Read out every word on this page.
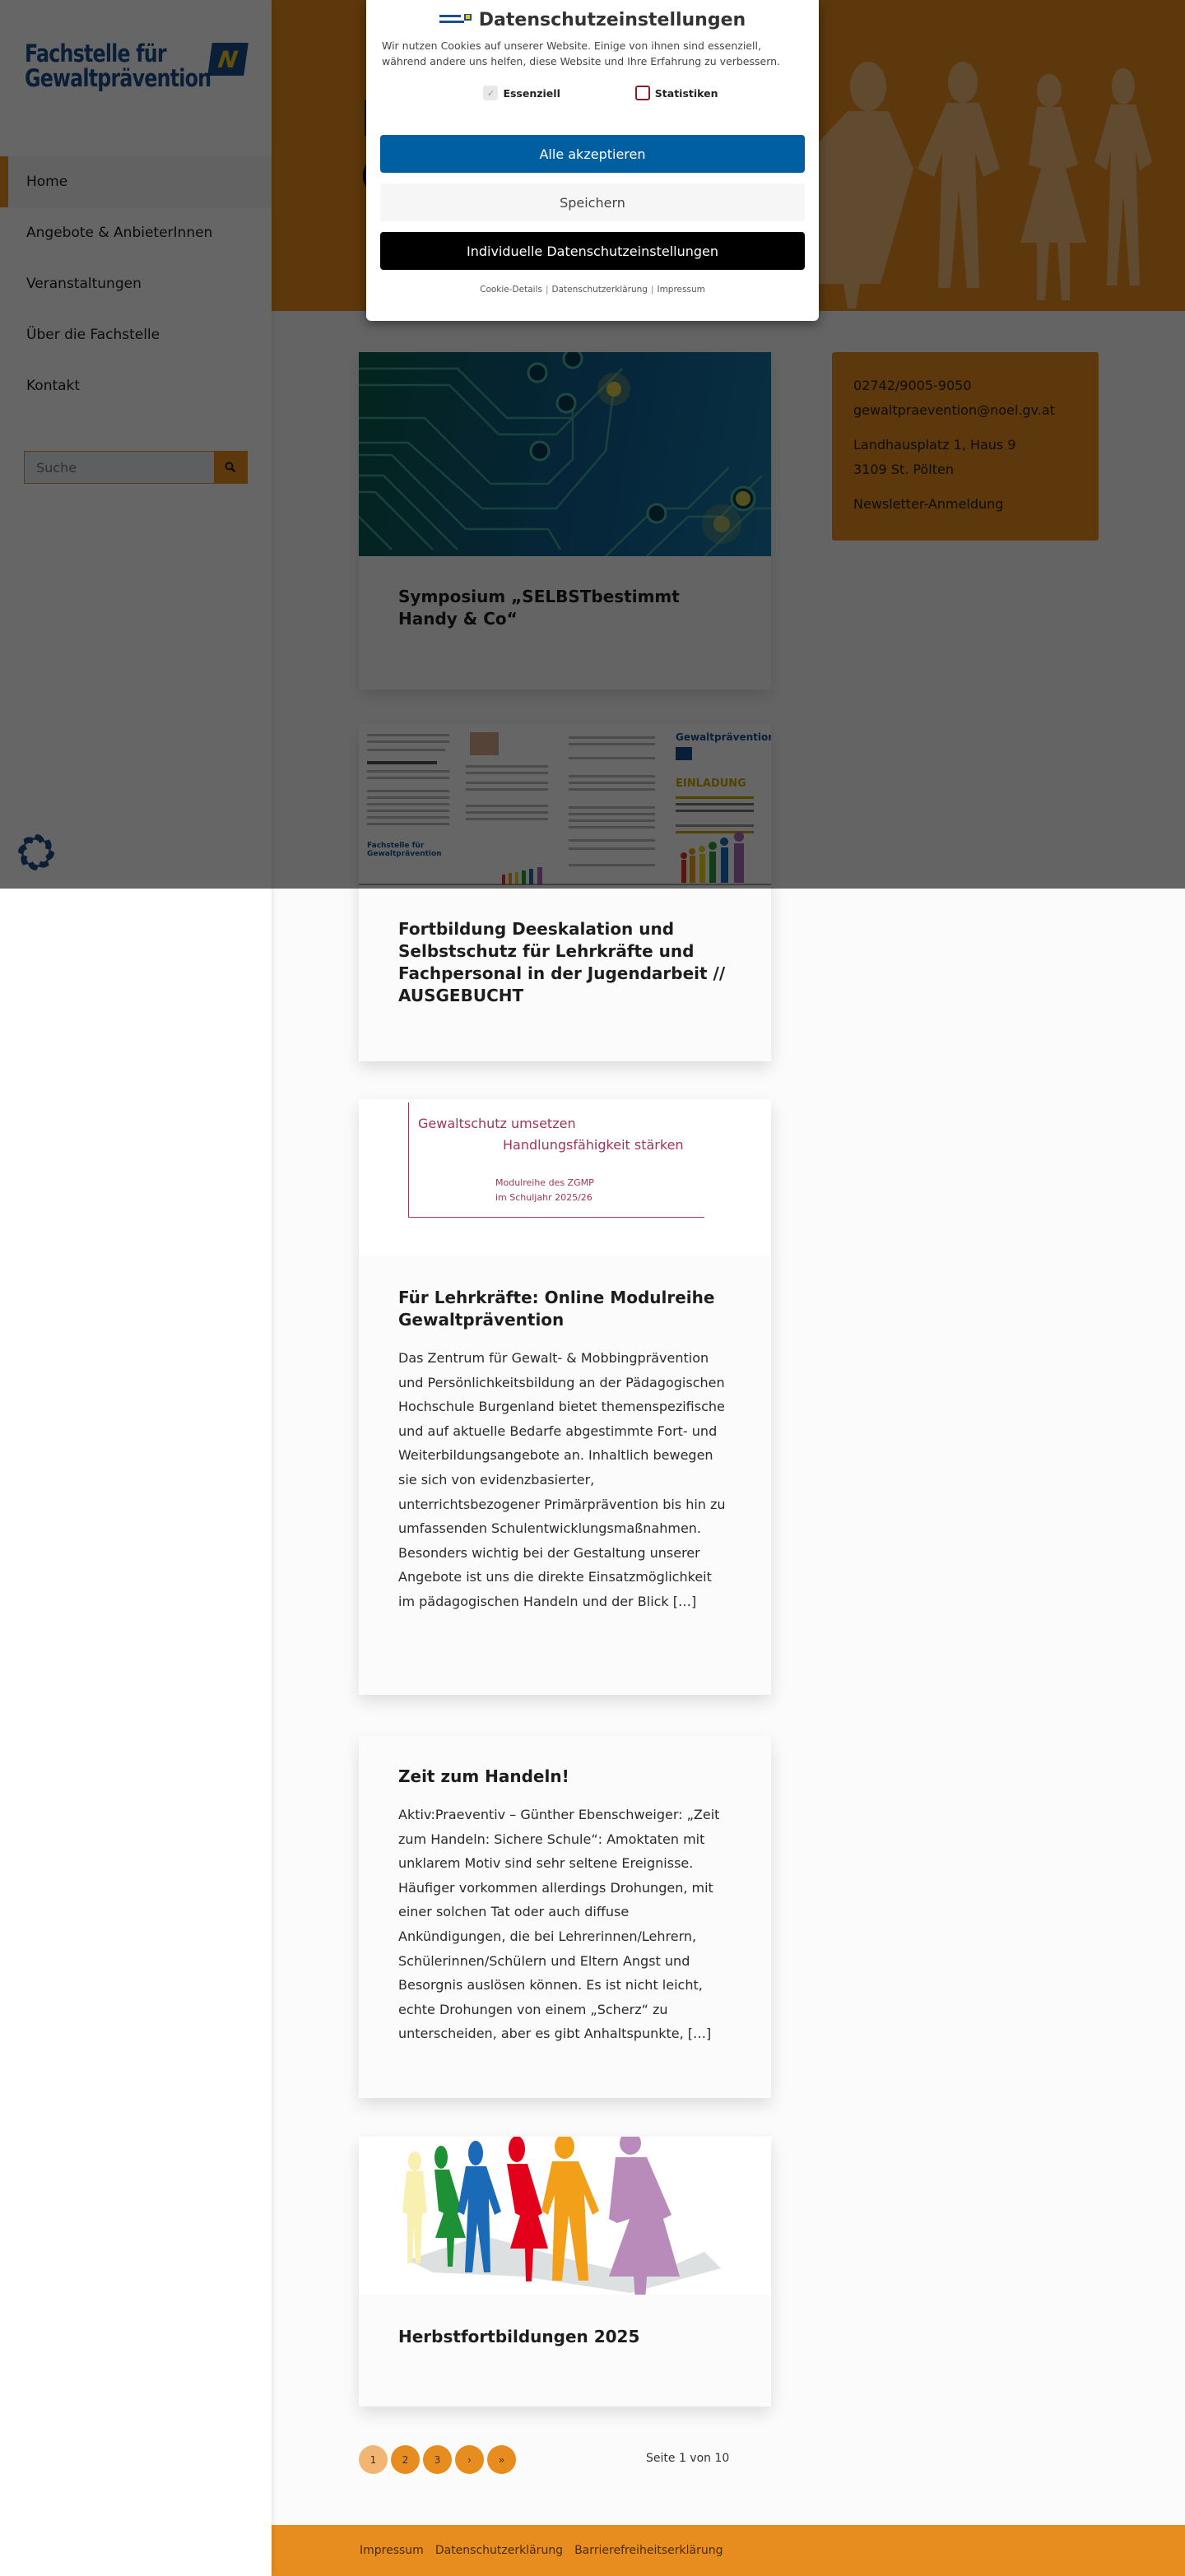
Suche

Fortbildung Deeskalation und Selbstschutz für Lehrkräfte und Fachpersonal in der Jugendarbeit // AUSGEBUCHT
Gewaltschutz umsetzen
Handlungsfähigkeit stärken
Modulreihe des ZGMP
im Schuljahr 2025/26
Für Lehrkräfte: Online Modulreihe Gewaltprävention

Das Zentrum für Gewalt- & Mobbingprävention und Persönlichkeitsbildung an der Pädagogischen Hochschule Burgenland bietet themenspezifische und auf aktuelle Bedarfe abgestimmte Fort- und Weiterbildungsangebote an. Inhaltlich bewegen sie sich von evidenzbasierter, unterrichtsbezogener Primärprävention bis hin zu umfassenden Schulentwicklungsmaßnahmen. Besonders wichtig bei der Gestaltung unserer Angebote ist uns die direkte Einsatzmöglichkeit im pädagogischen Handeln und der Blick […]

Zeit zum Handeln!

Aktiv:Praeventiv – Günther Ebenschweiger: „Zeit zum Handeln: Sichere Schule“: Amoktaten mit unklarem Motiv sind sehr seltene Ereignisse. Häufiger vorkommen allerdings Drohungen, mit einer solchen Tat oder auch diffuse Ankündigungen, die bei Lehrerinnen/Lehrern, Schülerinnen/Schülern und Eltern Angst und Besorgnis auslösen können. Es ist nicht leicht, echte Drohungen von einem „Scherz“ zu unterscheiden, aber es gibt Anhaltspunkte, […]

Herbstfortbildungen 2025
1	2	3	›	»	Seite 1 von 10
Impressum Datenschutzerklärung Barrierefreiheitserklärung
Datenschutzeinstellungen

Wir nutzen Cookies auf unserer Website. Einige von ihnen sind essenziell, während andere uns helfen, diese Website und Ihre Erfahrung zu verbessern.

✓ Essenziell	Statistiken
Alle akzeptieren
Speichern
Individuelle Datenschutzeinstellungen
Cookie-Details | Datenschutzerklärung | Impressum
